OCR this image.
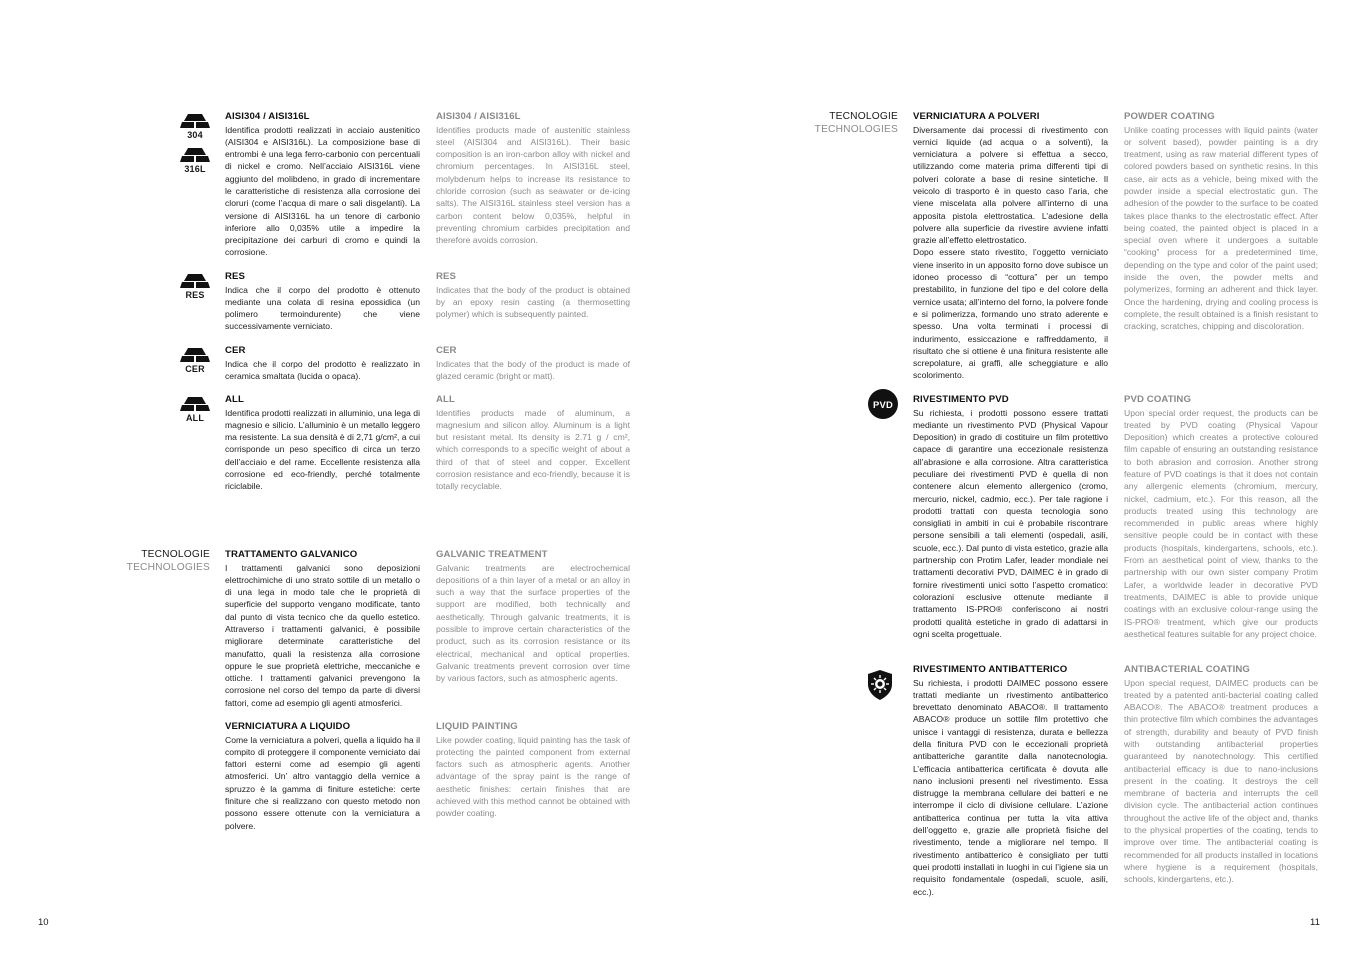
304
316L
AISI304 / AISI316L
Identifica prodotti realizzati in acciaio austenitico (AISI304 e AISI316L). La composizione base di entrombi è una lega ferro-carbonio con percentuali di nickel e cromo. Nell’acciaio AISI316L viene aggiunto del molibdeno, in grado di incrementare le caratteristiche di resistenza alla corrosione dei cloruri (come l’acqua di mare o sali disgelanti). La versione di AISI316L ha un tenore di carbonio inferiore allo 0,035% utile a impedire la precipitazione dei carburi di cromo e quindi la corrosione.
AISI304 / AISI316L
Identifies products made of austenitic stainless steel (AISI304 and AISI316L). Their basic composition is an iron-carbon alloy with nickel and chromium percentages. In AISI316L steel, molybdenum helps to increase its resistance to chloride corrosion (such as seawater or de-icing salts). The AISI316L stainless steel version has a carbon content below 0,035%, helpful in preventing chromium carbides precipitation and therefore avoids corrosion.
RES
RES
Indica che il corpo del prodotto è ottenuto mediante una colata di resina epossidica (un polimero termoindurente) che viene successivamente verniciato.
RES
Indicates that the body of the product is obtained by an epoxy resin casting (a thermosetting polymer) which is subsequently painted.
CER
CER
Indica che il corpo del prodotto è realizzato in ceramica smaltata (lucida o opaca).
CER
Indicates that the body of the product is made of glazed ceramic (bright or matt).
ALL
ALL
Identifica prodotti realizzati in alluminio, una lega di magnesio e silicio. L’alluminio è un metallo leggero ma resistente. La sua densità è di 2,71 g/cm², a cui corrisponde un peso specifico di circa un terzo dell’acciaio e del rame. Eccellente resistenza alla corrosione ed eco-friendly, perché totalmente riciclabile.
ALL
Identifies products made of aluminum, a magnesium and silicon alloy. Aluminum is a light but resistant metal. Its density is 2.71 g / cm², which corresponds to a specific weight of about a third of that of steel and copper. Excellent corrosion resistance and eco-friendly, because it is totally recyclable.
TECNOLOGIE
TECHNOLOGIES
TRATTAMENTO GALVANICO
I trattamenti galvanici sono deposizioni elettrochimiche di uno strato sottile di un metallo o di una lega in modo tale che le proprietà di superficie del supporto vengano modificate, tanto dal punto di vista tecnico che da quello estetico. Attraverso i trattamenti galvanici, è possibile migliorare determinate caratteristiche del manufatto, quali la resistenza alla corrosione oppure le sue proprietà elettriche, meccaniche e ottiche. I trattamenti galvanici prevengono la corrosione nel corso del tempo da parte di diversi fattori, come ad esempio gli agenti atmosferici.
GALVANIC TREATMENT
Galvanic treatments are electrochemical depositions of a thin layer of a metal or an alloy in such a way that the surface properties of the support are modified, both technically and aesthetically. Through galvanic treatments, it is possible to improve certain characteristics of the product, such as its corrosion resistance or its electrical, mechanical and optical properties. Galvanic treatments prevent corrosion over time by various factors, such as atmospheric agents.
VERNICIATURA A LIQUIDO
Come la verniciatura a polveri, quella a liquido ha il compito di proteggere il componente verniciato dai fattori esterni come ad esempio gli agenti atmosferici. Un’ altro vantaggio della vernice a spruzzo è la gamma di finiture estetiche: certe finiture che si realizzano con questo metodo non possono essere ottenute con la verniciatura a polvere.
LIQUID PAINTING
Like powder coating, liquid painting has the task of protecting the painted component from external factors such as atmospheric agents. Another advantage of the spray paint is the range of aesthetic finishes: certain finishes that are achieved with this method cannot be obtained with powder coating.
10
TECNOLOGIE
TECHNOLOGIES
VERNICIATURA A POLVERI
Diversamente dai processi di rivestimento con vernici liquide (ad acqua o a solventi), la verniciatura a polvere si effettua a secco, utilizzando come materia prima differenti tipi di polveri colorate a base di resine sintetiche. Il veicolo di trasporto è in questo caso l’aria, che viene miscelata alla polvere all’interno di una apposita pistola elettrostatica. L’adesione della polvere alla superficie da rivestire avviene infatti grazie all’effetto elettrostatico.
Dopo essere stato rivestito, l’oggetto verniciato viene inserito in un apposito forno dove subisce un idoneo processo di “cottura” per un tempo prestabilito, in funzione del tipo e del colore della vernice usata; all’interno del forno, la polvere fonde e si polimerizza, formando uno strato aderente e spesso. Una volta terminati i processi di indurimento, essiccazione e raffreddamento, il risultato che si ottiene è una finitura resistente alle screpolature, ai graffi, alle scheggiature e allo scolorimento.
POWDER COATING
Unlike coating processes with liquid paints (water or solvent based), powder painting is a dry treatment, using as raw material different types of colored powders based on synthetic resins. In this case, air acts as a vehicle, being mixed with the powder inside a special electrostatic gun. The adhesion of the powder to the surface to be coated takes place thanks to the electrostatic effect. After being coated, the painted object is placed in a special oven where it undergoes a suitable “cooking” process for a predetermined time, depending on the type and color of the paint used; inside the oven, the powder melts and polymerizes, forming an adherent and thick layer. Once the hardening, drying and cooling process is complete, the result obtained is a finish resistant to cracking, scratches, chipping and discoloration.
PVD RIVESTIMENTO PVD
Su richiesta, i prodotti possono essere trattati mediante un rivestimento PVD (Physical Vapour Deposition) in grado di costituire un film protettivo capace di garantire una eccezionale resistenza all’abrasione e alla corrosione. Altra caratteristica peculiare dei rivestimenti PVD è quella di non contenere alcun elemento allergenico (cromo, mercurio, nickel, cadmio, ecc.). Per tale ragione i prodotti trattati con questa tecnologia sono consigliati in ambiti in cui è probabile riscontrare persone sensibili a tali elementi (ospedali, asili, scuole, ecc.). Dal punto di vista estetico, grazie alla partnership con Protim Lafer, leader mondiale nei trattamenti decorativi PVD, DAIMEC è in grado di fornire rivestimenti unici sotto l’aspetto cromatico: colorazioni esclusive ottenute mediante il trattamento IS-PRO® conferiscono ai nostri prodotti qualità estetiche in grado di adattarsi in ogni scelta progettuale.
PVD COATING
Upon special order request, the products can be treated by PVD coating (Physical Vapour Deposition) which creates a protective coloured film capable of ensuring an outstanding resistance to both abrasion and corrosion. Another strong feature of PVD coatings is that it does not contain any allergenic elements (chromium, mercury, nickel, cadmium, etc.). For this reason, all the products treated using this technology are recommended in public areas where highly sensitive people could be in contact with these products (hospitals, kindergartens, schools, etc.). From an aesthetical point of view, thanks to the partnership with our own sister company Protim Lafer, a worldwide leader in decorative PVD treatments, DAIMEC is able to provide unique coatings with an exclusive colour-range using the IS-PRO® treatment, which give our products aesthetical features suitable for any project choice.
RIVESTIMENTO ANTIBATTERICO
Su richiesta, i prodotti DAIMEC possono essere trattati mediante un rivestimento antibatterico brevettato denominato ABACO®. Il trattamento ABACO® produce un sottile film protettivo che unisce i vantaggi di resistenza, durata e bellezza della finitura PVD con le eccezionali proprietà antibatteriche garantite dalla nanotecnologia. L’efficacia antibatterica certificata è dovuta alle nano inclusioni presenti nel rivestimento. Essa distrugge la membrana cellulare dei batteri e ne interrompe il ciclo di divisione cellulare. L’azione antibatterica continua per tutta la vita attiva dell’oggetto e, grazie alle proprietà fisiche del rivestimento, tende a migliorare nel tempo. Il rivestimento antibatterico è consigliato per tutti quei prodotti installati in luoghi in cui l’igiene sia un requisito fondamentale (ospedali, scuole, asili, ecc.).
ANTIBACTERIAL COATING
Upon special request, DAIMEC products can be treated by a patented anti-bacterial coating called ABACO®. The ABACO® treatment produces a thin protective film which combines the advantages of strength, durability and beauty of PVD finish with outstanding antibacterial properties guaranteed by nanotechnology. This certified antibacterial efficacy is due to nano-inclusions present in the coating. It destroys the cell membrane of bacteria and interrupts the cell division cycle. The antibacterial action continues throughout the active life of the object and, thanks to the physical properties of the coating, tends to improve over time. The antibacterial coating is recommended for all products installed in locations where hygiene is a requirement (hospitals, schools, kindergartens, etc.).
11
